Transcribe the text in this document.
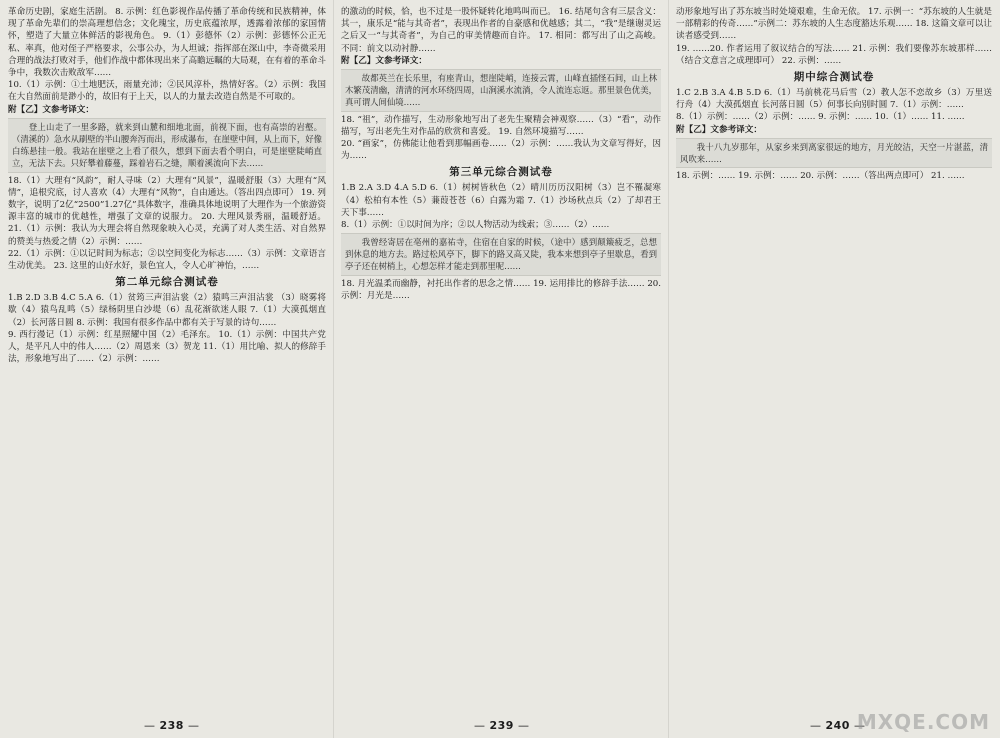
革命历史剧，家庭生活剧。 8. 示例：红色影视作品传播了革命传统和民族精神，体现了革命先辈们的崇高理想信念；文化瑰宝，历史底蕴浓厚，透露着浓郁的家国情怀，塑造了大量立体鲜活的影视角色。 9.（1）彭德怀（2）示例：彭德怀公正无私、率真，他对侄子严格要求，公事公办，为人坦诚；指挥部在深山中，李奇微采用合理的战法打败对手，他们作战中都体现出来了高瞻远瞩的大局观，在有着的革命斗争中，我数次击败敌军……

10.（1）示例：①土地肥沃，雨量充沛；②民风淳朴，热情好客。（2）示例：我国在大自然面前是渺小的，故旧有于上天，以人的力量去改造自然是不可取的。

附【乙】文参考译文：

登上山走了一里多路，就来到山麓和细地北面，前视下面，也有高崇的岩壑。（清溪的）急水从刷壁的半山腰奔泻而出，形成瀑布，在崖壁中间，从上而下，好像白练悬挂一般。我站在崖壁之上看了很久，想到下面去看个明白，可是崖壁陡峭直立，无法下去。只好攀着藤蔓，踩着岩石之缝，顺着溪流向下去……

18.（1）大理有“风韵”，耐人寻味（2）大理有“风景”，温暖舒服（3）大理有“风情”，追根究底，讨人喜欢（4）大理有“风物”，自由通达。（答出四点即可） 19. 列数字，说明了2亿“2500”1.27亿”具体数字，准确具体地说明了大理作为一个旅游资源丰富的城市的优越性，增强了文章的说服力。 20. 大理风景秀丽，温暖舒适。 21.（1）示例：我认为大理会将自然现象映入心灵，充满了对人类生活、对自然界的赞美与热爱之情（2）示例：……

22.（1）示例：①以记时间为标志；②以空间变化为标志……（3）示例：文章语言生动优美。 23. 这里的山好水好，景色宜人，令人心旷神怡，……

第二单元综合测试卷

1.B 2.D 3.B 4.C 5.A 6.（1）贫筠三声泪沾裳（2）猿鸣三声泪沾裳 （3）晓雾将歇（4）猿鸟乱鸣（5）绿杨阴里白沙堤（6）乱花渐欲迷人眼 7.（1）大漠孤烟直（2）长河落日圆 8. 示例：我国有很多作品中都有关于写景的诗句……

9. 西行漫记（1）示例：红星照耀中国（2）毛泽东。 10.（1）示例：中国共产党人，是平凡人中的伟人……（2）周恩来（3）贺龙 11.（1）用比喻、拟人的修辞手法，形象地写出了……（2）示例：……

的激动的时候，恰，也不过是一股怀疑转化地鸣叫而已。 16. 结尾句含有三层含义：其一，康乐足“能与其奇者”，表现出作者的自豪感和优越感；其二，“我”是继谢灵运之后又一“与其奇者”，为自己的审美情趣而自许。 17. 相同：都写出了山之高峻。不同：前文以动衬静……

附【乙】文参考译文：

故都英兰在长乐里，有座青山，想崖陡峭，连接云霄，山峰直插怪石间，山上林木繁茂清幽，清清的河水环绕四周，山涧溪水流淌，令人流连忘返。那里景色优美，真可谓人间仙境……

18. “祖”，动作描写，生动形象地写出了老先生聚精会神观察……（3）“看”，动作描写，写出老先生对作品的欣赏和喜爱。 19. 自然环境描写……

20. “画家”，仿佛能让他看到那幅画卷……（2）示例：……我认为文章写得好，因为……

第三单元综合测试卷

1.B 2.A 3.D 4.A 5.D 6.（1）树树皆秋色（2）晴川历历汉阳树（3）岂不罹凝寒（4）松柏有本性（5）蒹葭苍苍（6）白露为霜 7.（1）沙场秋点兵（2）了却君王天下事……

8.（1）示例：①以时间为序；②以人物活动为线索；③……（2）……

我曾经寄居在亳州的嘉祐寺，住宿在自家的时候，（途中）感到颠簸疲乏，总想到休息的地方去。路过松风亭下，脚下的路又高又陡，我本来想到亭子里歇息，看到亭子还在树梢上，心想怎样才能走到那里呢……

18. 月光温柔而幽静，衬托出作者的思念之情…… 19. 运用排比的修辞手法…… 20. 示例：月光是……

动形象地写出了苏东坡当时处境艰难，生命无依。 17. 示例一：“苏东坡的人生就是一部精彩的传奇……”示例二：苏东坡的人生态度豁达乐观…… 18. 这篇文章可以让读者感受到……

19. ……20. 作者运用了叙议结合的写法…… 21. 示例：我们要像苏东坡那样……（结合文意言之成理即可） 22. 示例：……

期中综合测试卷

1.C 2.B 3.A 4.B 5.D 6.（1）马前桃花马后雪（2）教人怎不恋故乡（3）万里送行舟（4）大漠孤烟直 长河落日圆（5）何事长向别时圆 7.（1）示例：……

8.（1）示例：……（2）示例：…… 9. 示例：…… 10.（1）…… 11. ……

附【乙】文参考译文：

我十八九岁那年，从家乡来到离家很远的地方，月光皎洁，天空一片湛蓝，清风吹来……

18. 示例：…… 19. 示例：…… 20. 示例：……（答出两点即可） 21. ……

— 238 —	— 239 —	— 240 — MXQE.COM
